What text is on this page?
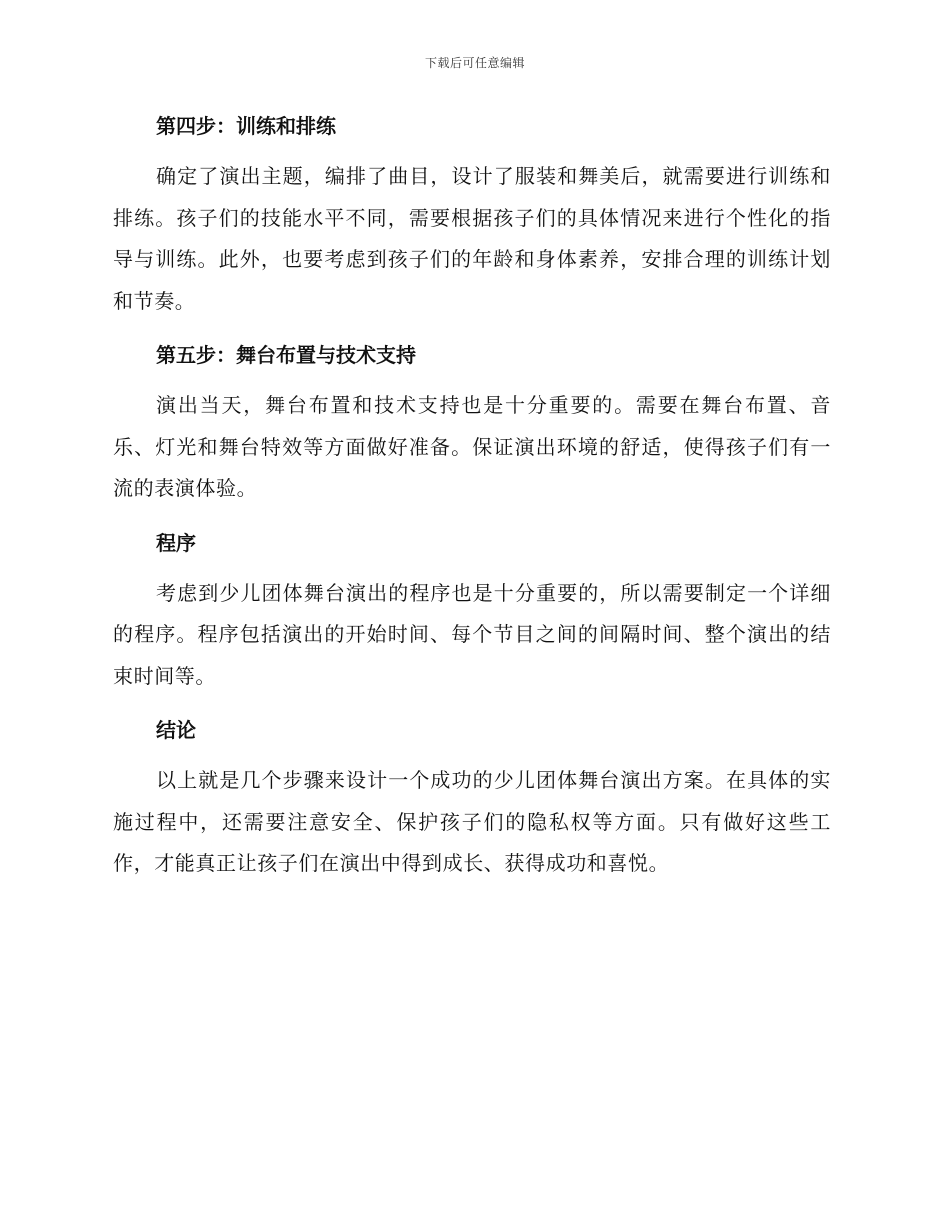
下载后可任意编辑
第四步：训练和排练

确定了演出主题，编排了曲目，设计了服装和舞美后，就需要进行训练和排练。孩子们的技能水平不同，需要根据孩子们的具体情况来进行个性化的指导与训练。此外，也要考虑到孩子们的年龄和身体素养，安排合理的训练计划和节奏。

第五步：舞台布置与技术支持

演出当天，舞台布置和技术支持也是十分重要的。需要在舞台布置、音乐、灯光和舞台特效等方面做好准备。保证演出环境的舒适，使得孩子们有一流的表演体验。

程序

考虑到少儿团体舞台演出的程序也是十分重要的，所以需要制定一个详细的程序。程序包括演出的开始时间、每个节目之间的间隔时间、整个演出的结束时间等。

结论

以上就是几个步骤来设计一个成功的少儿团体舞台演出方案。在具体的实施过程中，还需要注意安全、保护孩子们的隐私权等方面。只有做好这些工作，才能真正让孩子们在演出中得到成长、获得成功和喜悦。
